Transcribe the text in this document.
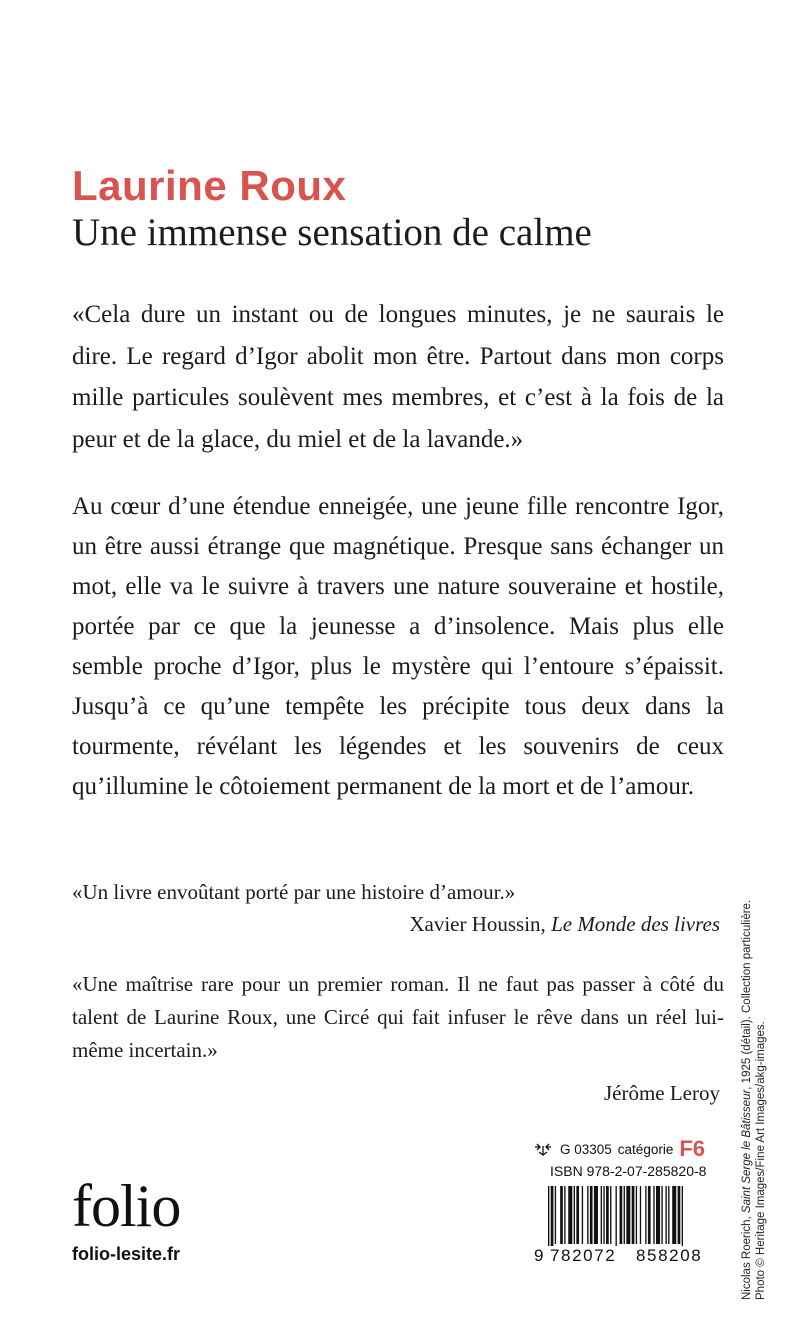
Laurine Roux
Une immense sensation de calme

«Cela dure un instant ou de longues minutes, je ne saurais le dire. Le regard d’Igor abolit mon être. Partout dans mon corps mille particules soulèvent mes membres, et c’est à la fois de la peur et de la glace, du miel et de la lavande.»

Au cœur d’une étendue enneigée, une jeune fille rencontre Igor, un être aussi étrange que magnétique. Presque sans échanger un mot, elle va le suivre à travers une nature souveraine et hostile, portée par ce que la jeunesse a d’insolence. Mais plus elle semble proche d’Igor, plus le mystère qui l’entoure s’épaissit. Jusqu’à ce qu’une tempête les précipite tous deux dans la tourmente, révélant les légendes et les souvenirs de ceux qu’illumine le côtoiement permanent de la mort et de l’amour.

«Un livre envoûtant porté par une histoire d’amour.»
Xavier Houssin, Le Monde des livres
«Une maîtrise rare pour un premier roman. Il ne faut pas passer à côté du talent de Laurine Roux, une Circé qui fait infuser le rêve dans un réel lui-même incertain.»
Jérôme Leroy
Nicolas Roerich, Saint Serge le Bâtisseur, 1925 (détail). Collection particulière.
Photo © Heritage Images/Fine Art Images/akg-images.
folio
folio-lesite.fr
G 03305 catégorie F6
ISBN 978-2-07-285820-8
9 782072 858208
